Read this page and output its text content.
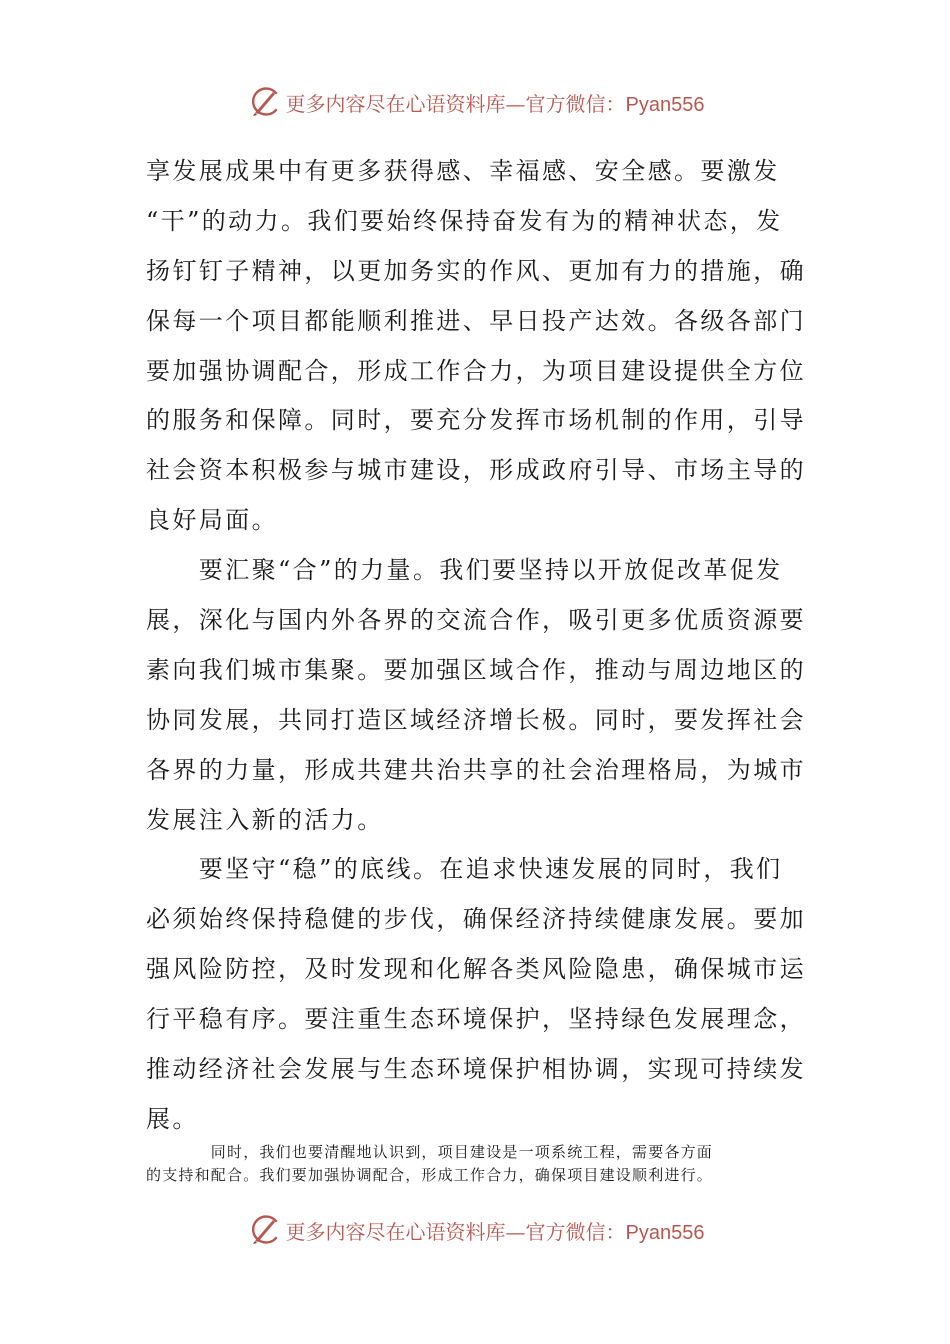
更多内容尽在心语资料库—官方微信：Pyan556
享发展成果中有更多获得感、幸福感、安全感。要激发
“干”的动力。我们要始终保持奋发有为的精神状态，发
扬钉钉子精神，以更加务实的作风、更加有力的措施，确
保每一个项目都能顺利推进、早日投产达效。各级各部门
要加强协调配合，形成工作合力，为项目建设提供全方位
的服务和保障。同时，要充分发挥市场机制的作用，引导
社会资本积极参与城市建设，形成政府引导、市场主导的
良好局面。
　　要汇聚“合”的力量。我们要坚持以开放促改革促发
展，深化与国内外各界的交流合作，吸引更多优质资源要
素向我们城市集聚。要加强区域合作，推动与周边地区的
协同发展，共同打造区域经济增长极。同时，要发挥社会
各界的力量，形成共建共治共享的社会治理格局，为城市
发展注入新的活力。
　　要坚守“稳”的底线。在追求快速发展的同时，我们
必须始终保持稳健的步伐，确保经济持续健康发展。要加
强风险防控，及时发现和化解各类风险隐患，确保城市运
行平稳有序。要注重生态环境保护，坚持绿色发展理念，
推动经济社会发展与生态环境保护相协调，实现可持续发
展。
　　　　同时，我们也要清醒地认识到，项目建设是一项系统工程，需要各方面
的支持和配合。我们要加强协调配合，形成工作合力，确保项目建设顺利进行。
更多内容尽在心语资料库—官方微信：Pyan556
